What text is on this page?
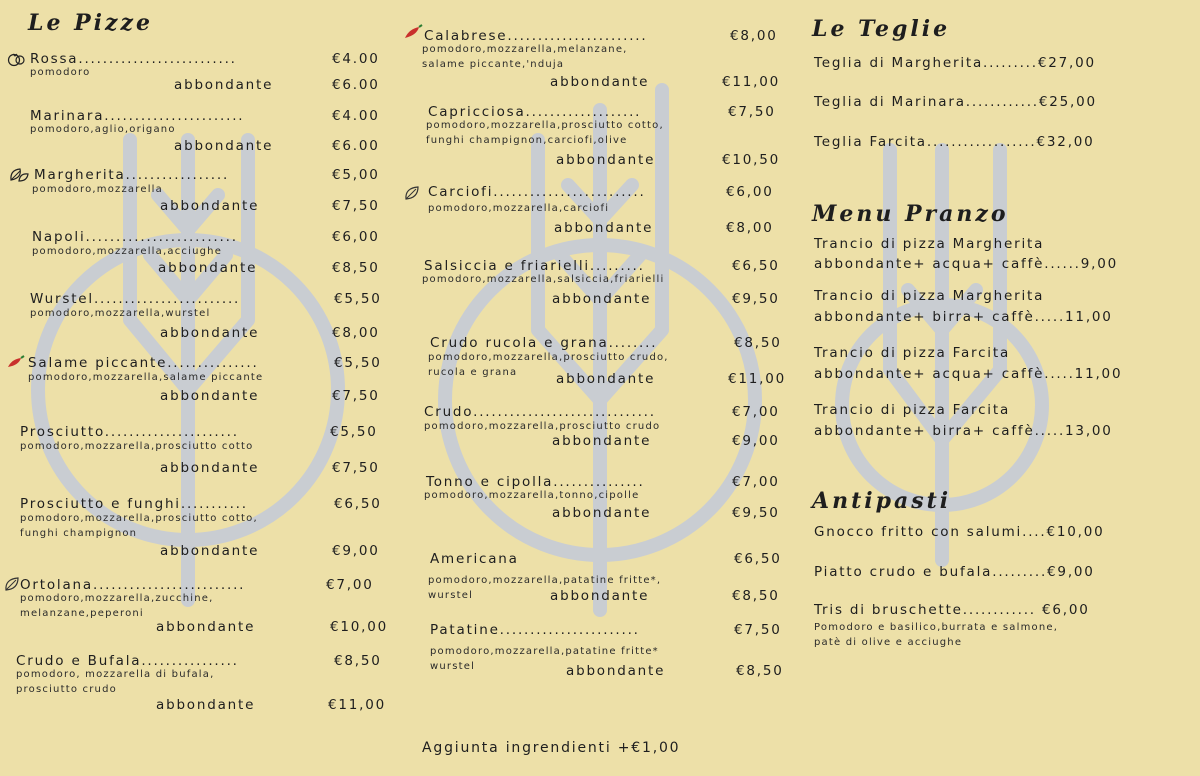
Le Pizze	Le Teglie
Menu Pranzo
Antipasti
Rossa..........................	€4.00
pomodoro
abbondante	€6.00
Marinara.......................	€4.00
pomodoro,aglio,origano
abbondante	€6.00
Margherita.................	€5,00
pomodoro,mozzarella
abbondante	€7,50
Napoli.........................	€6,00
pomodoro,mozzarella,acciughe
abbondante	€8,50
Wurstel........................	€5,50
pomodoro,mozzarella,wurstel
abbondante	€8,00
Salame piccante...............	€5,50
pomodoro,mozzarella,salame piccante
abbondante	€7,50
Prosciutto......................	€5,50
pomodoro,mozzarella,prosciutto cotto
abbondante	€7,50
Prosciutto e funghi...........	€6,50
pomodoro,mozzarella,prosciutto cotto,
funghi champignon
abbondante	€9,00
Ortolana.........................	€7,00
pomodoro,mozzarella,zucchine,
melanzane,peperoni
abbondante	€10,00
Crudo e Bufala................	€8,50
pomodoro, mozzarella di bufala,
prosciutto crudo
abbondante	€11,00
Calabrese.......................	€8,00
pomodoro,mozzarella,melanzane,
salame piccante,'nduja
abbondante	€11,00
Capricciosa...................	€7,50
pomodoro,mozzarella,prosciutto cotto,
funghi champignon,carciofi,olive
abbondante	€10,50
Carciofi.........................	€6,00
pomodoro,mozzarella,carciofi
abbondante	€8,00
Salsiccia e friarielli.........	€6,50
pomodoro,mozzarella,salsiccia,friarielli
abbondante	€9,50
Crudo rucola e grana........	€8,50
pomodoro,mozzarella,prosciutto crudo,
rucola e grana	abbondante	€11,00
Crudo..............................	€7,00
pomodoro,mozzarella,prosciutto crudo
abbondante	€9,00
Tonno e cipolla...............	€7,00
pomodoro,mozzarella,tonno,cipolle
abbondante	€9,50
Americana	€6,50
pomodoro,mozzarella,patatine fritte*,
wurstel	abbondante	€8,50
Patatine.......................	€7,50
pomodoro,mozzarella,patatine fritte*
wurstel	abbondante	€8,50
Teglia di Margherita.........€27,00
Teglia di Marinara............€25,00
Teglia Farcita..................€32,00
Trancio di pizza Margherita
abbondante+ acqua+ caffè......9,00
Trancio di pizza Margherita
abbondante+ birra+ caffè.....11,00
Trancio di pizza Farcita
abbondante+ acqua+ caffè.....11,00
Trancio di pizza Farcita
abbondante+ birra+ caffè.....13,00
Gnocco fritto con salumi....€10,00
Piatto crudo e bufala.........€9,00
Tris di bruschette............ €6,00
Pomodoro e basilico,burrata e salmone,
patè di olive e acciughe
Aggiunta ingrendienti +€1,00
